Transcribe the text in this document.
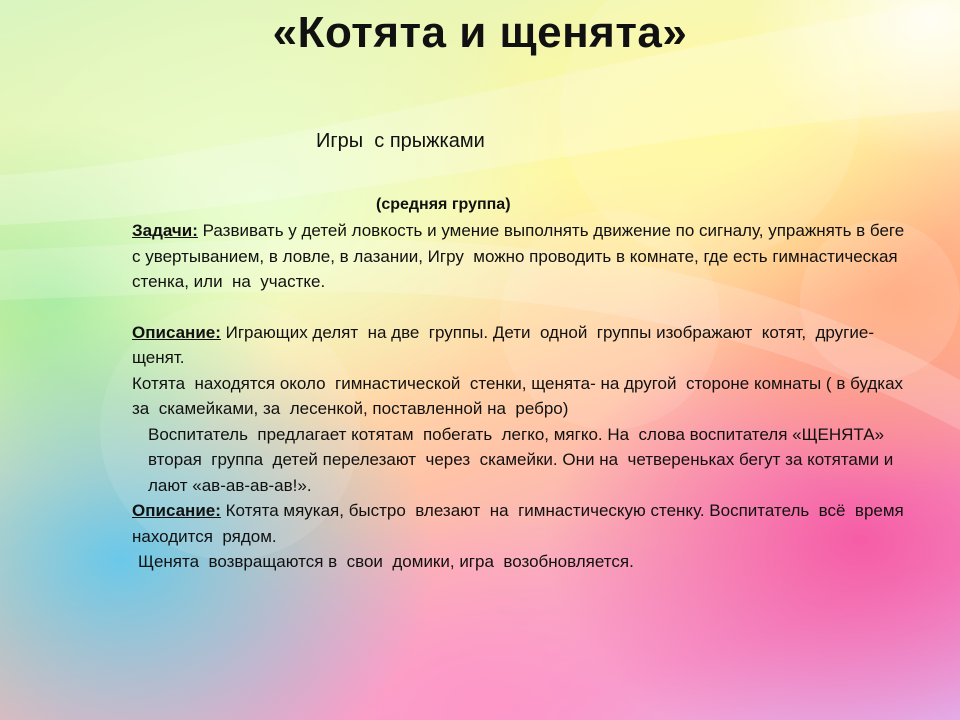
«Котята и щенята»

Игры  с прыжками

(средняя группа)

Задачи: Развивать у детей ловкость и умение выполнять движение по сигналу, упражнять в беге с увертыванием, в ловле, в лазании, Игру  можно проводить в комнате, где есть гимнастическая  стенка, или  на  участке.

Описание: Играющих делят  на две  группы. Дети  одной  группы изображают  котят,  другие- щенят.

Котята  находятся около  гимнастической  стенки, щенята- на другой  стороне комнаты ( в будках за  скамейками, за  лесенкой, поставленной на  ребро)

Воспитатель  предлагает котятам  побегать  легко, мягко. На  слова воспитателя «ЩЕНЯТА» вторая  группа  детей перелезают  через  скамейки. Они на  четвереньках бегут за котятами и  лают «ав-ав-ав-ав!».

Описание: Котята мяукая, быстро  влезают  на  гимнастическую стенку. Воспитатель  всё  время  находится  рядом.

Щенята  возвращаются в  свои  домики, игра  возобновляется.
